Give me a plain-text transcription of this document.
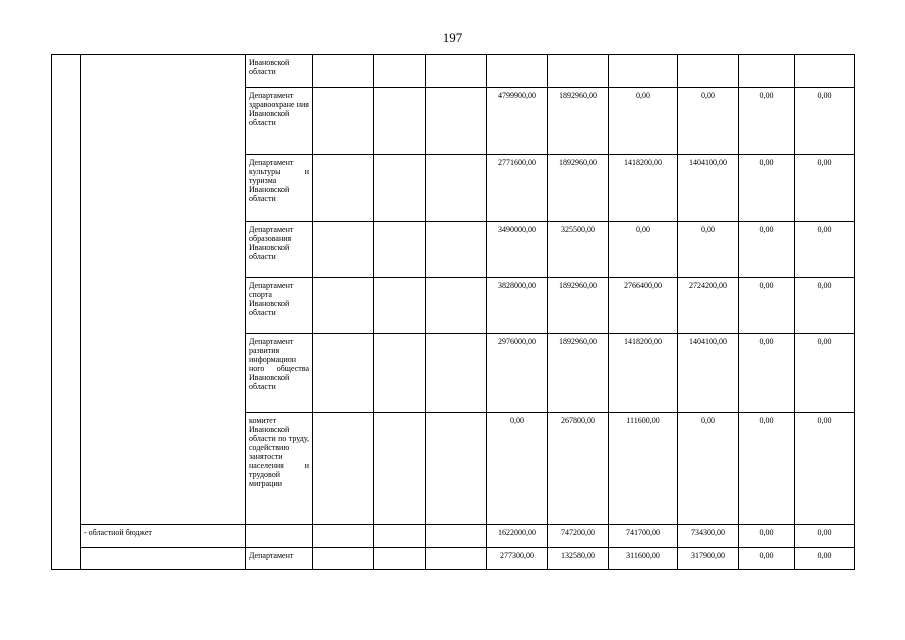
197
		Ивановской области									
		Департамент здравоохране ния Ивановской области				4799900,00	1892960,00	0,00	0,00	0,00	0,00
		Департамент культуры и туризма Ивановской области				2771600,00	1892960,00	1418200,00	1404100,00	0,00	0,00
		Департамент образования Ивановской области				3490000,00	325500,00	0,00	0,00	0,00	0,00
		Департамент спорта Ивановской области				3828000,00	1892960,00	2766400,00	2724200,00	0,00	0,00
		Департамент развития информацион ного общества Ивановской области				2976000,00	1892960,00	1418200,00	1404100,00	0,00	0,00
		комитет Ивановской области по труду, содействию занятости населения и трудовой миграции				0,00	267800,00	111600,00	0,00	0,00	0,00
	- областной бюджет					1622000,00	747200,00	741700,00	734300,00	0,00	0,00
		Департамент				277300,00	132580,00	311600,00	317900,00	0,00	0,00
